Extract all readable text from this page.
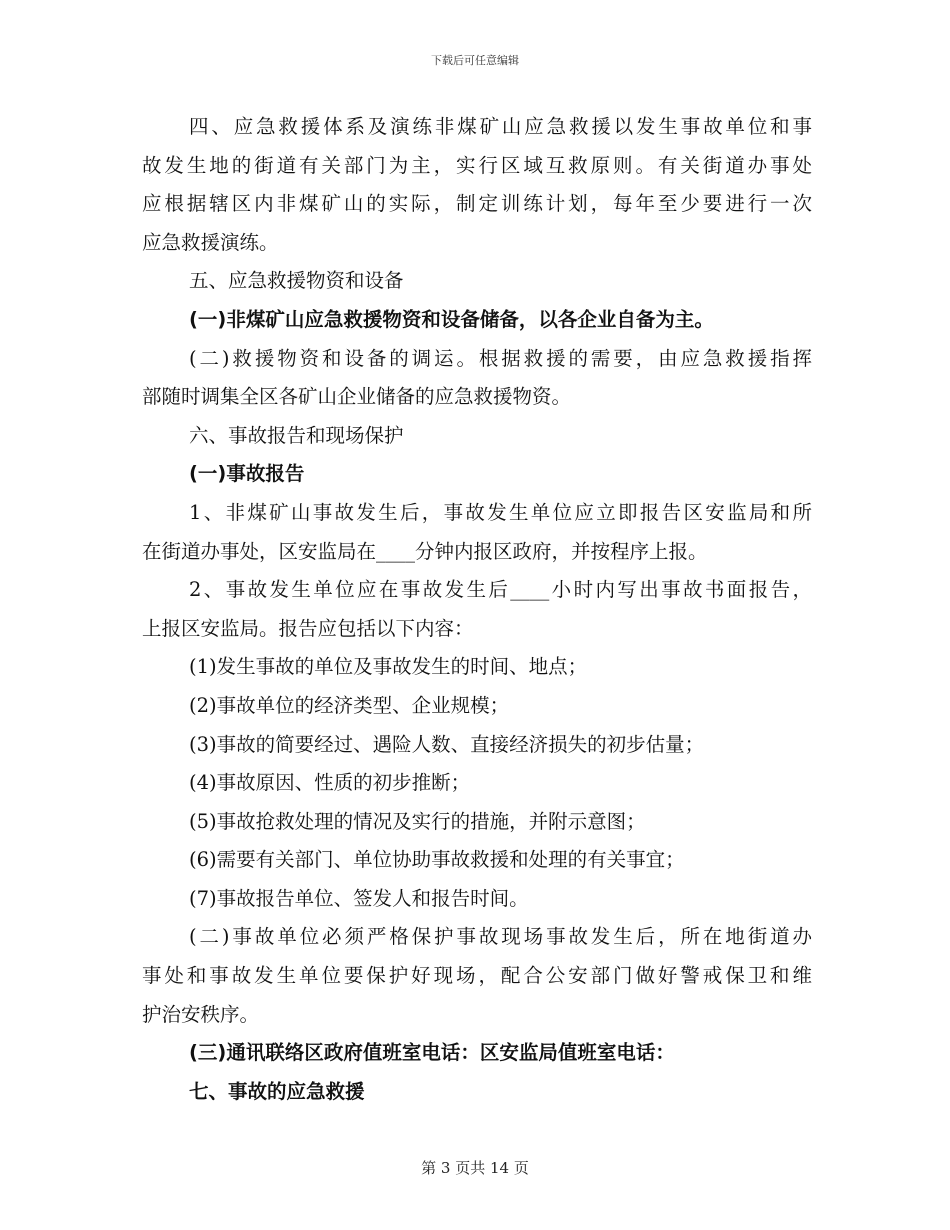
下载后可任意编辑
四、应急救援体系及演练非煤矿山应急救援以发生事故单位和事
故发生地的街道有关部门为主，实行区域互救原则。有关街道办事处
应根据辖区内非煤矿山的实际，制定训练计划，每年至少要进行一次
应急救援演练。
五、应急救援物资和设备
(一)非煤矿山应急救援物资和设备储备，以各企业自备为主。
(二)救援物资和设备的调运。根据救援的需要，由应急救援指挥
部随时调集全区各矿山企业储备的应急救援物资。
六、事故报告和现场保护
(一)事故报告
1、非煤矿山事故发生后，事故发生单位应立即报告区安监局和所
在街道办事处，区安监局在____分钟内报区政府，并按程序上报。
2、事故发生单位应在事故发生后____小时内写出事故书面报告，
上报区安监局。报告应包括以下内容：
(1)发生事故的单位及事故发生的时间、地点；
(2)事故单位的经济类型、企业规模；
(3)事故的简要经过、遇险人数、直接经济损失的初步估量；
(4)事故原因、性质的初步推断；
(5)事故抢救处理的情况及实行的措施，并附示意图；
(6)需要有关部门、单位协助事故救援和处理的有关事宜；
(7)事故报告单位、签发人和报告时间。
(二)事故单位必须严格保护事故现场事故发生后，所在地街道办
事处和事故发生单位要保护好现场，配合公安部门做好警戒保卫和维
护治安秩序。
(三)通讯联络区政府值班室电话：区安监局值班室电话：
七、事故的应急救援
第 3 页共 14 页
